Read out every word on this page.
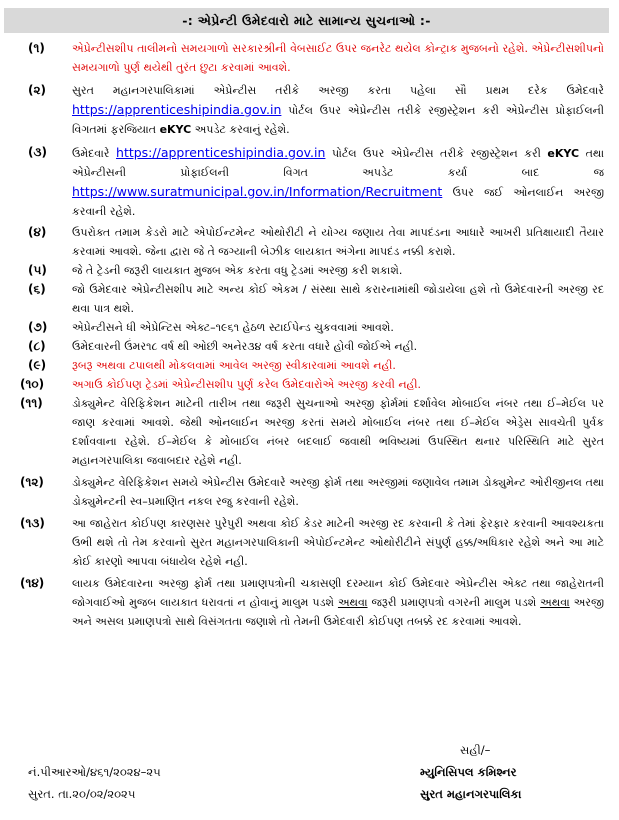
-: એપ્રેન્ટી ઉમેદવારો માટે સામાન્ય સુચનાઓ :-
(૧) એપ્રેન્ટીસશીપ તાલીમનો સમયગાળો સરકારશ્રીની વેબસાઈટ ઉપર જનરેટ થયેલ કોન્ટ્રાક મુજબનો રહેશે. એપ્રેન્ટીસશીપનો સમયગાળો પુર્ણ થયેથી તુરંત છુટા કરવામાં આવશે.
(૨) સુરત મહાનગરપાલિકામાં એપ્રેન્ટીસ તરીકે અરજી કરતા પહેલા સૌ પ્રથમ દરેક ઉમેદવારે https://apprenticeshipindia.gov.in પોર્ટલ ઉપર એપ્રેન્ટીસ તરીકે રજીસ્ટ્રેશન કરી એપ્રેન્ટીસ પ્રોફાઈલની વિગતમાં ફરજિયાત eKYC અપડેટ કરવાનું રહેશે.
(૩) ઉમેદવારે https://apprenticeshipindia.gov.in પોર્ટલ ઉપર એપ્રેન્ટીસ તરીકે રજીસ્ટ્રેશન કરી eKYC તથા એપ્રેન્ટીસની પ્રોફાઈલની વિગત અપડેટ કર્યા બાદ જ https://www.suratmunicipal.gov.in/Information/Recruitment ઉપર જઈ ઓનલાઈન અરજી કરવાની રહેશે.
(૪) ઉપરોક્ત તમામ કેડરો માટે એપોઈન્ટમેન્ટ ઓથોરીટી ને યોગ્ય જણાય તેવા માપદંડના આધારે આખરી પ્રતિક્ષાયાદી તૈયાર કરવામાં આવશે. જેના દ્વારા જે તે જગ્યાની બેઝીક લાયકાત અંગેના માપદંડ નક્કી કરાશે.
(૫) જે તે ટ્રેડની જરૂરી લાયકાત મુજબ એક કરતા વધુ ટ્રેડમાં અરજી કરી શકાશે.
(૬) જો ઉમેદવાર એપ્રેન્ટીસશીપ માટે અન્ય કોઈ એકમ / સંસ્થા સાથે કરારનામાંથી જોડાયેલા હશે તો ઉમેદવારની અરજી રદ થવા પાત્ર થશે.
(૭) એપ્રેન્ટીસને ધી એપ્રેન્ટિસ એક્ટ–૧૯૬૧ હેઠળ સ્ટાઈપેન્ડ ચુકવવામાં આવશે.
(૮) ઉમેદવારની ઉંમર૧૮ વર્ષ થી ઓછી અનેર૩૪ વર્ષ કરતા વધારે હોવી જોઈએ નહી.
(૯) રૂબરૂ અથવા ટપાલથી મોકલવામાં આવેલ અરજી સ્વીકારવામાં આવશે નહી.
(૧૦)	અગાઉ કોઈપણ ટ્રેડમાં એપ્રેન્ટીસશીપ પુર્ણ કરેલ ઉમેદવારોએ અરજી કરવી નહી.
(૧૧)	ડોક્યુમેન્ટ વેરિફિકેશન માટેની તારીખ તથા જરૂરી સુચનાઓ અરજી ફોર્મમાં દર્શાવેલ મોબાઈલ નંબર તથા ઈ–મેઈલ પર જાણ કરવામાં આવશે. જેથી ઓનલાઈન અરજી કરતાં સમયે મોબાઈલ નંબર તથા ઈ–મેઈલ એડ્રેસ સાવચેતી પુર્વક દર્શાવવાના રહેશે. ઈ–મેઈલ કે મોબાઈલ નંબર બદલાઈ જવાથી ભવિષ્યમાં ઉપસ્થિત થનાર પરિસ્થિતિ માટે સુરત મહાનગરપાલિકા જવાબદાર રહેશે નહી.
(૧૨)	ડોક્યુમેન્ટ વેરિફિકેશન સમયે એપ્રેન્ટીસ ઉમેદવારે અરજી ફોર્મ તથા અરજીમાં જણાવેલ તમામ ડોક્યુમેન્ટ ઓરીજીનલ તથા ડોક્યુમેન્ટની સ્વ–પ્રમાણિત નકલ રજુ કરવાની રહેશે.
(૧૩) આ જાહેરાત કોઈપણ કારણસર પુરેપુરી અથવા કોઈ કેડર માટેની અરજી રદ કરવાની કે તેમાં ફેરફાર કરવાની આવશ્યકતા ઉભી થશે તો તેમ કરવાનો સુરત મહાનગરપાલિકાની એપોઈન્ટમેન્ટ ઓથોરીટીને સંપુર્ણ હક્ક/અધિકાર રહેશે અને આ માટે કોઈ કારણો આપવા બંધાયેલ રહેશે નહી.
(૧૪)	લાયક ઉમેદવારના અરજી ફોર્મ તથા પ્રમાણપત્રોની ચકાસણી દરમ્યાન કોઈ ઉમેદવાર એપ્રેન્ટીસ એક્ટ તથા જાહેરાતની જોગવાઈઓ મુજબ લાયકાત ધરાવતાં ન હોવાનું માલુમ પડશે અથવા જરૂરી પ્રમાણપત્રો વગરની માલુમ પડશે અથવા અરજી અને અસલ પ્રમાણપત્રો સાથે વિસંગતતા જણાશે તો તેમની ઉમેદવારી કોઈપણ તબક્કે રદ કરવામાં આવશે.
સહી/–
નં.પીઆરઓ/૪૬૧/૨૦૨૪–૨૫	મ્યુનિસિપલ કમિશ્નર
સુરત. તા.૨૦/૦૨/૨૦૨૫	સુરત મહાનગરપાલિકા
